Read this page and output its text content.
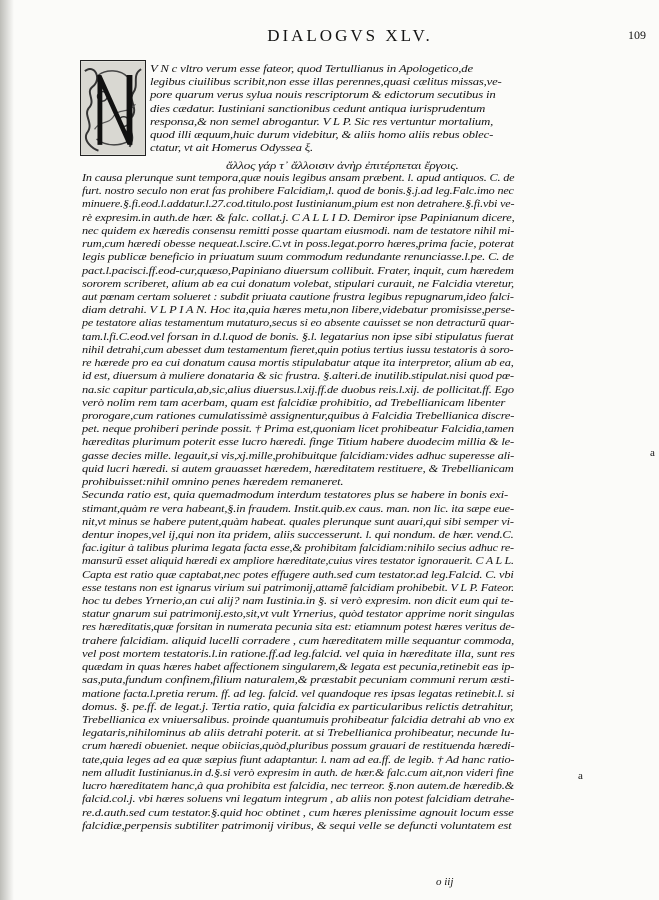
DIALOGVS XLV.	109
V N c vltro verum esse fateor, quod Tertullianus in Apologetico,de
legibus ciuilibus scribit,non esse illas perennes,quasi cælitus missas,ve-
pore quarum verus sylua nouis rescriptorum & edictorum secutibus in
dies cædatur. Iustiniani sanctionibus cedunt antiqua iurisprudentum
responsa,& non semel abrogantur. V L P. Sic res vertuntur mortalium,
quod illi æquum,huic durum videbitur, & aliis homo aliis rebus oblec-
ctatur, vt ait Homerus Odyssea ξ.
ἄλλος γάρ τ᾽ ἄλλοισιν ἀνὴρ ἐπιτέρπεται ἔργοις.
In causa plerunque sunt tempora,quæ nouis legibus ansam præbent. l. apud antiquos. C. de
furt. nostro seculo non erat fas prohibere Falcidiam,l. quod de bonis.§.j.ad leg.Falc.imo nec
minuere.§.fi.eod.l.addatur.l.27.cod.titulo.post Iustinianum,pium est non detrahere.§.fi.vbi ve-
rè expresim.in auth.de hær. & falc. collat.j. C A L L I D. Demiror ipse Papinianum dicere,
nec quidem ex hæredis consensu remitti posse quartam eiusmodi. nam de testatore nihil mi-
rum,cum hæredi obesse nequeat.l.scire.C.vt in poss.legat.porro hæres,prima facie, poterat
legis publicæ beneficio in priuatum suum commodum redundante renunciasse.l.pe. C. de
pact.l.pacisci.ff.eod-cur,quæso,Papiniano diuersum collibuit. Frater, inquit, cum hæredem
sororem scriberet, alium ab ea cui donatum volebat, stipulari curauit, ne Falcidia vteretur,
aut pœnam certam solueret : subdit priuata cautione frustra legibus repugnarum,ideo falci-
diam detrahi. V L P I A N. Hoc ita,quia hæres metu,non libere,videbatur promisisse,perse-
pe testatore alias testamentum mutaturo,secus si eo absente cauisset se non detracturũ quar-
tam.l.fi.C.eod.vel forsan in d.l.quod de bonis. §.l. legatarius non ipse sibi stipulatus fuerat
nihil detrahi,cum abesset dum testamentum fieret,quin potius tertius iussu testatoris à soro-
re hærede pro ea cui donatum causa mortis stipulabatur atque ita interpretor, alium ab ea,
id est, diuersum à muliere donataria & sic frustra. §.alteri.de inutilib.stipulat.nisi quod pœ-
na.sic capitur particula,ab,sic,alius diuersus.l.xij.ff.de duobus reis.l.xij. de pollicitat.ff. Ego
verò nolim rem tam acerbam, quam est falcidiæ prohibitio, ad Trebellianicam libenter
prorogare,cum rationes cumulatissimè assignentur,quibus à Falcidia Trebellianica discre-
pet. neque prohiberi perinde possit. † Prima est,quoniam licet prohibeatur Falcidia,tamen
hæreditas plurimum poterit esse lucro hæredi. finge Titium habere duodecim millia & le-
gasse decies mille. legauit,si vis,xj.mille,prohibuitque falcidiam:vides adhuc superesse ali-
quid lucri hæredi. si autem grauasset hæredem, hæreditatem restituere, & Trebellianicam
prohibuisset:nihil omnino penes hæredem remaneret.
Secunda ratio est, quia quemadmodum interdum testatores plus se habere in bonis exi-
stimant,quàm re vera habeant,§.in fraudem. Instit.quib.ex caus. man. non lic. ita sæpe eue-
nit,vt minus se habere putent,quàm habeat. quales plerunque sunt auari,qui sibi semper vi-
dentur inopes,vel ij,qui non ita pridem, aliis successerunt. l. qui nondum. de hær. vend.C.
fac.igitur à talibus plurima legata facta esse,& prohibitam falcidiam:nihilo secius adhuc re-
mansurũ esset aliquid hæredi ex ampliore hæreditate,cuius vires testator ignorauerit. C A L L.
Capta est ratio quæ captabat,nec potes effugere auth.sed cum testator.ad leg.Falcid. C. vbi
esse testans non est ignarus virium sui patrimonij,attamẽ falcidiam prohibebit. V L P. Fateor.
hoc tu debes Yrnerio,an cui alij? nam Iustinia.in §. si verò expresim. non dicit eum qui te-
statur gnarum sui patrimonij.esto,sit,vt vult Yrnerius, quòd testator apprime norit singulas
res hæreditatis,quæ forsitan in numerata pecunia sita est: etiamnum potest hæres veritus de-
trahere falcidiam. aliquid lucelli corradere , cum hæreditatem mille sequantur commoda,
vel post mortem testatoris.l.in ratione.ff.ad leg.falcid. vel quia in hæreditate illa, sunt res
quædam in quas hæres habet affectionem singularem,& legata est pecunia,retinebit eas ip-
sas,puta,fundum confinem,filium naturalem,& præstabit pecuniam communi rerum æsti-
matione facta.l.pretia rerum. ff. ad leg. falcid. vel quandoque res ipsas legatas retinebit.l. si
domus. §. pe.ff. de legat.j. Tertia ratio, quia falcidia ex particularibus relictis detrahitur,
Trebellianica ex vniuersalibus. proinde quantumuis prohibeatur falcidia detrahi ab vno ex
legataris,nihilominus ab aliis detrahi poterit. at si Trebellianica prohibeatur, necunde lu-
crum hæredi obueniet. neque obiicias,quòd,pluribus possum grauari de restituenda hæredi-
tate,quia leges ad ea quæ sæpius fiunt adaptantur. l. nam ad ea.ff. de legib. † Ad hanc ratio-
nem alludit Iustinianus.in d.§.si verò expresim in auth. de hær.& falc.cum ait,non videri fine
lucro hæreditatem hanc,à qua prohibita est falcidia, nec terreor. §.non autem.de hæredib.&
falcid.col.j. vbi hæres soluens vni legatum integrum , ab aliis non potest falcidiam detrahe-
re.d.auth.sed cum testator.§.quid hoc obtinet , cum hæres plenissime agnouit locum esse
falcidiæ,perpensis subtiliter patrimonij viribus, & sequi velle se defuncti voluntatem est
a
a
o iij
